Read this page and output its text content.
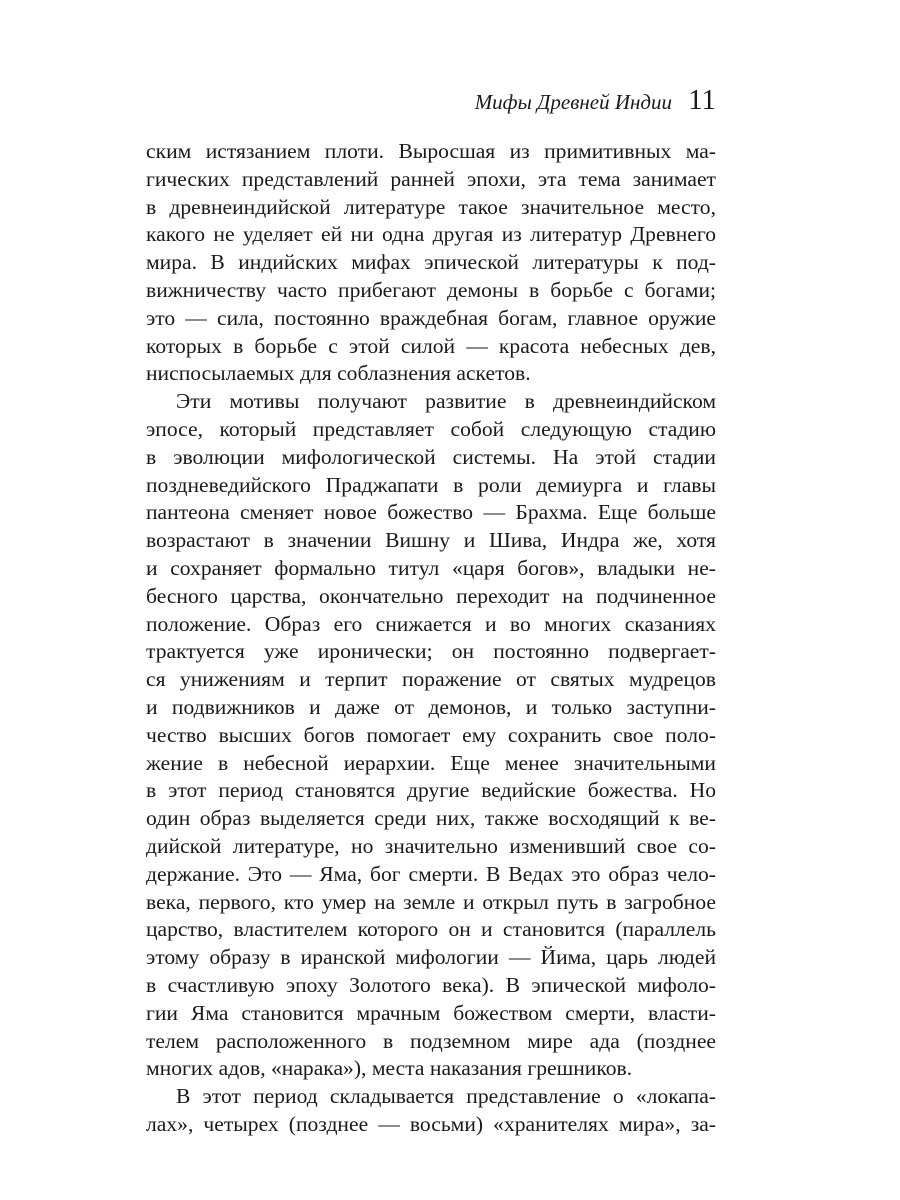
Мифы Древней Индии 11
ским истязанием плоти. Выросшая из примитивных ма-
гических представлений ранней эпохи, эта тема занимает
в древнеиндийской литературе такое значительное место,
какого не уделяет ей ни одна другая из литератур Древнего
мира. В индийских мифах эпической литературы к под-
вижничеству часто прибегают демоны в борьбе с богами;
это — сила, постоянно враждебная богам, главное оружие
которых в борьбе с этой силой — красота небесных дев,
ниспосылаемых для соблазнения аскетов.
Эти мотивы получают развитие в древнеиндийском
эпосе, который представляет собой следующую стадию
в эволюции мифологической системы. На этой стадии
поздневедийского Праджапати в роли демиурга и главы
пантеона сменяет новое божество — Брахма. Еще больше
возрастают в значении Вишну и Шива, Индра же, хотя
и сохраняет формально титул «царя богов», владыки не-
бесного царства, окончательно переходит на подчиненное
положение. Образ его снижается и во многих сказаниях
трактуется уже иронически; он постоянно подвергает-
ся унижениям и терпит поражение от святых мудрецов
и подвижников и даже от демонов, и только заступни-
чество высших богов помогает ему сохранить свое поло-
жение в небесной иерархии. Еще менее значительными
в этот период становятся другие ведийские божества. Но
один образ выделяется среди них, также восходящий к ве-
дийской литературе, но значительно изменивший свое со-
держание. Это — Яма, бог смерти. В Ведах это образ чело-
века, первого, кто умер на земле и открыл путь в загробное
царство, властителем которого он и становится (параллель
этому образу в иранской мифологии — Йима, царь людей
в счастливую эпоху Золотого века). В эпической мифоло-
гии Яма становится мрачным божеством смерти, власти-
телем расположенного в подземном мире ада (позднее
многих адов, «нарака»), места наказания грешников.
В этот период складывается представление о «локапа-
лах», четырех (позднее — восьми) «хранителях мира», за-
